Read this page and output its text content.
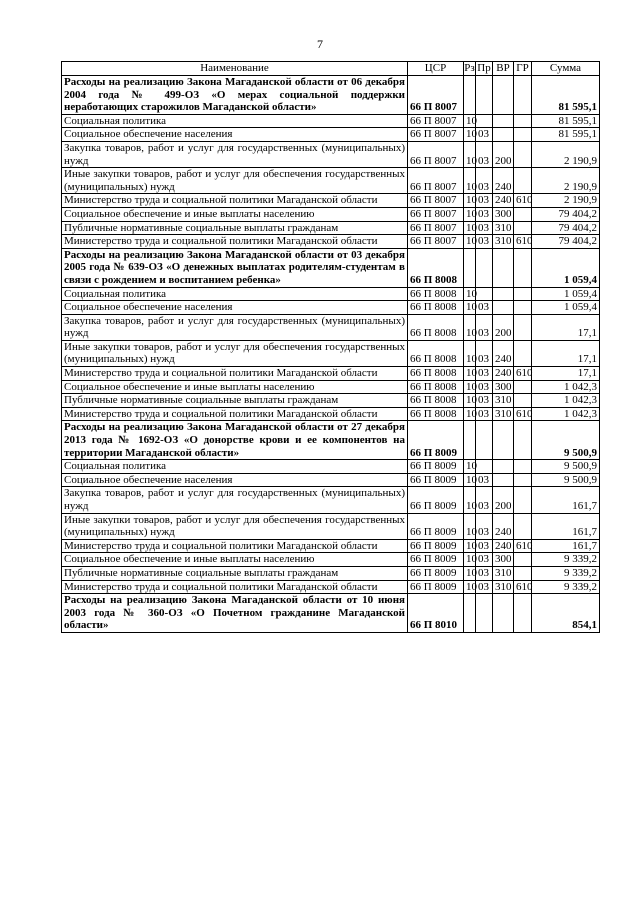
7
Наименование	ЦСР	Рз	Пр	ВР	ГР	Сумма
Расходы на реализацию Закона Магаданской области от 06 декабря 2004 года № 499-ОЗ «О мерах социальной поддержки неработающих старожилов Магаданской области»	66 П 8007					81 595,1
Социальная политика	66 П 8007	10				81 595,1
Социальное обеспечение населения	66 П 8007	10	03			81 595,1
Закупка товаров, работ и услуг для государственных (муниципальных) нужд	66 П 8007	10	03	200		2 190,9
Иные закупки товаров, работ и услуг для обеспечения государственных (муниципальных) нужд	66 П 8007	10	03	240		2 190,9
Министерство труда и социальной политики Магаданской области	66 П 8007	10	03	240	610	2 190,9
Социальное обеспечение и иные выплаты населению	66 П 8007	10	03	300		79 404,2
Публичные нормативные социальные выплаты гражданам	66 П 8007	10	03	310		79 404,2
Министерство труда и социальной политики Магаданской области	66 П 8007	10	03	310	610	79 404,2
Расходы на реализацию Закона Магаданской области от 03 декабря 2005 года № 639-ОЗ «О денежных выплатах родителям-студентам в связи с рождением и воспитанием ребенка»	66 П 8008					1 059,4
Социальная политика	66 П 8008	10				1 059,4
Социальное обеспечение населения	66 П 8008	10	03			1 059,4
Закупка товаров, работ и услуг для государственных (муниципальных) нужд	66 П 8008	10	03	200		17,1
Иные закупки товаров, работ и услуг для обеспечения государственных (муниципальных) нужд	66 П 8008	10	03	240		17,1
Министерство труда и социальной политики Магаданской области	66 П 8008	10	03	240	610	17,1
Социальное обеспечение и иные выплаты населению	66 П 8008	10	03	300		1 042,3
Публичные нормативные социальные выплаты гражданам	66 П 8008	10	03	310		1 042,3
Министерство труда и социальной политики Магаданской области	66 П 8008	10	03	310	610	1 042,3
Расходы на реализацию Закона Магаданской области от 27 декабря 2013 года № 1692-ОЗ «О донорстве крови и ее компонентов на территории Магаданской области»	66 П 8009					9 500,9
Социальная политика	66 П 8009	10				9 500,9
Социальное обеспечение населения	66 П 8009	10	03			9 500,9
Закупка товаров, работ и услуг для государственных (муниципальных) нужд	66 П 8009	10	03	200		161,7
Иные закупки товаров, работ и услуг для обеспечения государственных (муниципальных) нужд	66 П 8009	10	03	240		161,7
Министерство труда и социальной политики Магаданской области	66 П 8009	10	03	240	610	161,7
Социальное обеспечение и иные выплаты населению	66 П 8009	10	03	300		9 339,2
Публичные нормативные социальные выплаты гражданам	66 П 8009	10	03	310		9 339,2
Министерство труда и социальной политики Магаданской области	66 П 8009	10	03	310	610	9 339,2
Расходы на реализацию Закона Магаданской области от 10 июня 2003 года № 360-ОЗ «О Почетном гражданине Магаданской области»	66 П 8010					854,1
